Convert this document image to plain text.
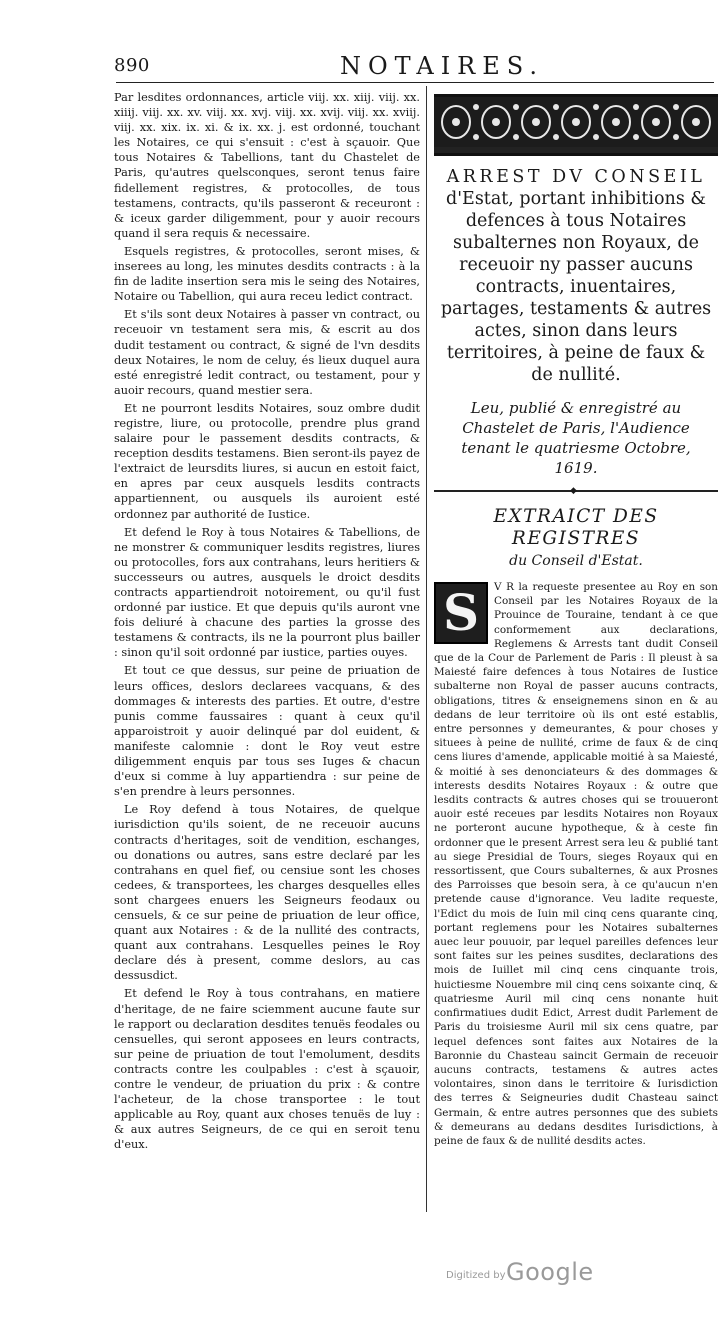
890	NOTAIRES.

Par lesdites ordonnances, article viij. xx. xiij. viij. xx. xiiij. viij. xx. xv. viij. xx. xvj. viij. xx. xvij. viij. xx. xviij. viij. xx. xix. ix. xi. & ix. xx. j. est ordonné, touchant les Notaires, ce qui s'ensuit : c'est à sçauoir. Que tous Notaires & Tabellions, tant du Chastelet de Paris, qu'autres quelsconques, seront tenus faire fidellement registres, & protocolles, de tous testamens, contracts, qu'ils passeront & receuront : & iceux garder diligemment, pour y auoir recours quand il sera requis & necessaire.

Esquels registres, & protocolles, seront mises, & inserees au long, les minutes desdits contracts : à la fin de ladite insertion sera mis le seing des Notaires, Notaire ou Tabellion, qui aura receu ledict contract.

Et s'ils sont deux Notaires à passer vn contract, ou receuoir vn testament sera mis, & escrit au dos dudit testament ou contract, & signé de l'vn desdits deux Notaires, le nom de celuy, és lieux duquel aura esté enregistré ledit contract, ou testament, pour y auoir recours, quand mestier sera.

Et ne pourront lesdits Notaires, souz ombre dudit registre, liure, ou protocolle, prendre plus grand salaire pour le passement desdits contracts, & reception desdits testamens. Bien seront-ils payez de l'extraict de leursdits liures, si aucun en estoit faict, en apres par ceux ausquels lesdits contracts appartiennent, ou ausquels ils auroient esté ordonnez par authorité de Iustice.

Et defend le Roy à tous Notaires & Tabellions, de ne monstrer & communiquer lesdits registres, liures ou protocolles, fors aux contrahans, leurs heritiers & successeurs ou autres, ausquels le droict desdits contracts appartiendroit notoirement, ou qu'il fust ordonné par iustice. Et que depuis qu'ils auront vne fois deliuré à chacune des parties la grosse des testamens & contracts, ils ne la pourront plus bailler : sinon qu'il soit ordonné par iustice, parties ouyes.

Et tout ce que dessus, sur peine de priuation de leurs offices, deslors declarees vacquans, & des dommages & interests des parties. Et outre, d'estre punis comme faussaires : quant à ceux qu'il apparoistroit y auoir delinqué par dol euident, & manifeste calomnie : dont le Roy veut estre diligemment enquis par tous ses Iuges & chacun d'eux si comme à luy appartiendra : sur peine de s'en prendre à leurs personnes.

Le Roy defend à tous Notaires, de quelque iurisdiction qu'ils soient, de ne receuoir aucuns contracts d'heritages, soit de vendition, eschanges, ou donations ou autres, sans estre declaré par les contrahans en quel fief, ou censiue sont les choses cedees, & transportees, les charges desquelles elles sont chargees enuers les Seigneurs feodaux ou censuels, & ce sur peine de priuation de leur office, quant aux Notaires : & de la nullité des contracts, quant aux contrahans. Lesquelles peines le Roy declare dés à present, comme deslors, au cas dessusdict.

Et defend le Roy à tous contrahans, en matiere d'heritage, de ne faire sciemment aucune faute sur le rapport ou declaration desdites tenuës feodales ou censuelles, qui seront apposees en leurs contracts, sur peine de priuation de tout l'emolument, desdits contracts contre les coulpables : c'est à sçauoir, contre le vendeur, de priuation du prix : & contre l'acheteur, de la chose transportee : le tout applicable au Roy, quant aux choses tenuës de luy : & aux autres Seigneurs, de ce qui en seroit tenu d'eux.

ARREST DV CONSEIL d'Estat, portant inhibitions & defences à tous Notaires subalternes non Royaux, de receuoir ny passer aucuns contracts, inuentaires, partages, testaments & autres actes, sinon dans leurs territoires, à peine de faux & de nullité.
Leu, publié & enregistré au Chastelet de Paris, l'Audience tenant le quatriesme Octobre, 1619.
◆
EXTRAICT DES REGISTRES
du Conseil d'Estat.
S	V R la requeste presentee au Roy en son Conseil par les Notaires Royaux de la Prouince de Touraine, tendant à ce que conformement aux declarations, Reglemens & Arrests tant dudit Conseil que de la Cour de Parlement de Paris : Il pleust à sa Maiesté faire defences à tous Notaires de Iustice subalterne non Royal de passer aucuns contracts, obligations, titres & enseignemens sinon en & au dedans de leur territoire où ils ont esté establis, entre personnes y demeurantes, & pour choses y situees à peine de nullité, crime de faux & de cinq cens liures d'amende, applicable moitié à sa Maiesté, & moitié à ses denonciateurs & des dommages & interests desdits Notaires Royaux : & outre que lesdits contracts & autres choses qui se trouueront auoir esté receues par lesdits Notaires non Royaux ne porteront aucune hypotheque, & à ceste fin ordonner que le present Arrest sera leu & publié tant au siege Presidial de Tours, sieges Royaux qui en ressortissent, que Cours subalternes, & aux Prosnes des Parroisses que besoin sera, à ce qu'aucun n'en pretende cause d'ignorance. Veu ladite requeste, l'Edict du mois de Iuin mil cinq cens quarante cinq, portant reglemens pour les Notaires subalternes auec leur pouuoir, par lequel pareilles defences leur sont faites sur les peines susdites, declarations des mois de Iuillet mil cinq cens cinquante trois, huictiesme Nouembre mil cinq cens soixante cinq, & quatriesme Auril mil cinq cens nonante huit confirmatiues dudit Edict, Arrest dudit Parlement de Paris du troisiesme Auril mil six cens quatre, par lequel defences sont faites aux Notaires de la Baronnie du Chasteau saincit Germain de receuoir aucuns contracts, testamens & autres actes volontaires, sinon dans le territoire & Iurisdiction des terres & Seigneuries dudit Chasteau sainct Germain, & entre autres personnes que des subiets & demeurans au dedans desdites Iurisdictions, à peine de faux & de nullité desdits actes.

Digitized by Google
